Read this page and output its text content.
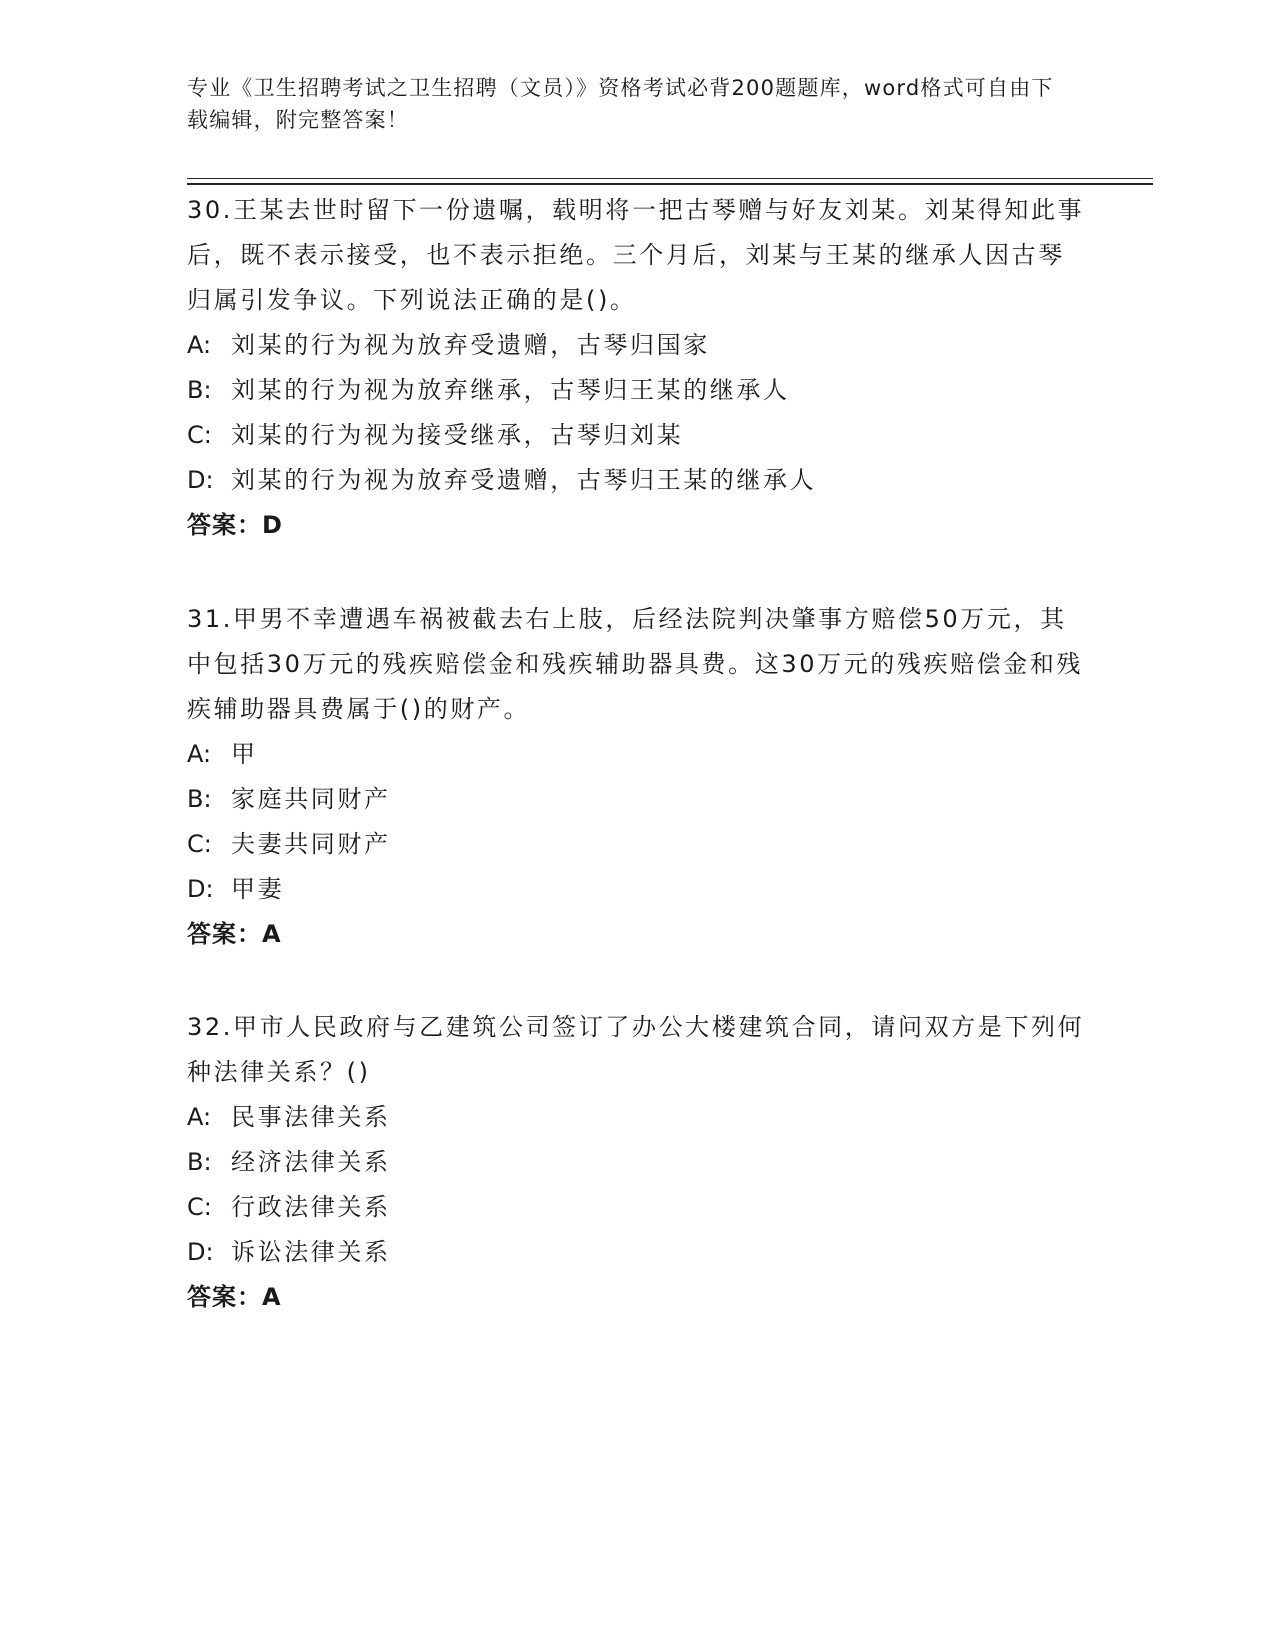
专业《卫生招聘考试之卫生招聘（文员）》资格考试必背200题题库，word格式可自由下载编辑，附完整答案！

30.王某去世时留下一份遗嘱，载明将一把古琴赠与好友刘某。刘某得知此事后，既不表示接受，也不表示拒绝。三个月后，刘某与王某的继承人因古琴归属引发争议。下列说法正确的是()。

A: 刘某的行为视为放弃受遗赠，古琴归国家

B: 刘某的行为视为放弃继承，古琴归王某的继承人

C: 刘某的行为视为接受继承，古琴归刘某

D: 刘某的行为视为放弃受遗赠，古琴归王某的继承人

答案：D

31.甲男不幸遭遇车祸被截去右上肢，后经法院判决肇事方赔偿50万元，其中包括30万元的残疾赔偿金和残疾辅助器具费。这30万元的残疾赔偿金和残疾辅助器具费属于()的财产。

A: 甲

B: 家庭共同财产

C: 夫妻共同财产

D: 甲妻

答案：A

32.甲市人民政府与乙建筑公司签订了办公大楼建筑合同，请问双方是下列何种法律关系？()

A: 民事法律关系

B: 经济法律关系

C: 行政法律关系

D: 诉讼法律关系

答案：A
